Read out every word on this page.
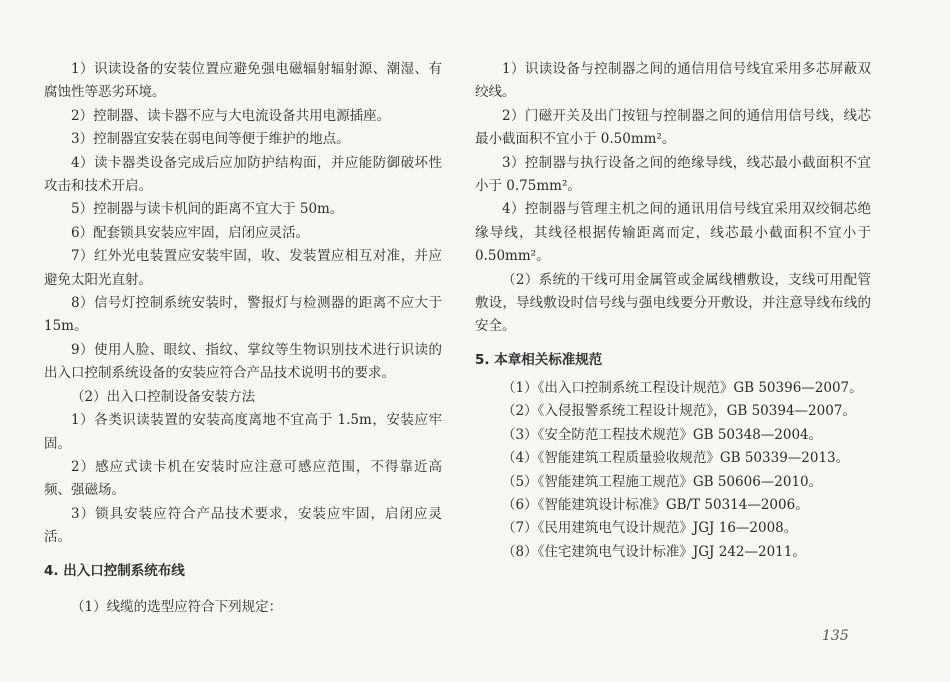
1）识读设备的安装位置应避免强电磁辐射辐射源、潮湿、有腐蚀性等恶劣环境。

2）控制器、读卡器不应与大电流设备共用电源插座。

3）控制器宜安装在弱电间等便于维护的地点。

4）读卡器类设备完成后应加防护结构面，并应能防御破坏性攻击和技术开启。

5）控制器与读卡机间的距离不宜大于 50m。

6）配套锁具安装应牢固，启闭应灵活。

7）红外光电装置应安装牢固，收、发装置应相互对准，并应避免太阳光直射。

8）信号灯控制系统安装时，警报灯与检测器的距离不应大于 15m。

9）使用人脸、眼纹、指纹、掌纹等生物识别技术进行识读的出入口控制系统设备的安装应符合产品技术说明书的要求。

（2）出入口控制设备安装方法

1）各类识读装置的安装高度离地不宜高于 1.5m，安装应牢固。

2）感应式读卡机在安装时应注意可感应范围，不得靠近高频、强磁场。

3）锁具安装应符合产品技术要求，安装应牢固，启闭应灵活。

4. 出入口控制系统布线

（1）线缆的选型应符合下列规定：

1）识读设备与控制器之间的通信用信号线宜采用多芯屏蔽双绞线。

2）门磁开关及出门按钮与控制器之间的通信用信号线，线芯最小截面积不宜小于 0.50mm²。

3）控制器与执行设备之间的绝缘导线，线芯最小截面积不宜小于 0.75mm²。

4）控制器与管理主机之间的通讯用信号线宜采用双绞铜芯绝缘导线，其线径根据传输距离而定，线芯最小截面积不宜小于 0.50mm²。

（2）系统的干线可用金属管或金属线槽敷设，支线可用配管敷设，导线敷设时信号线与强电线要分开敷设，并注意导线布线的安全。

5. 本章相关标准规范

（1）《出入口控制系统工程设计规范》GB 50396—2007。

（2）《入侵报警系统工程设计规范》，GB 50394—2007。

（3）《安全防范工程技术规范》GB 50348—2004。

（4）《智能建筑工程质量验收规范》GB 50339—2013。

（5）《智能建筑工程施工规范》GB 50606—2010。

（6）《智能建筑设计标准》GB/T 50314—2006。

（7）《民用建筑电气设计规范》JGJ 16—2008。

（8）《住宅建筑电气设计标准》JGJ 242—2011。

135
